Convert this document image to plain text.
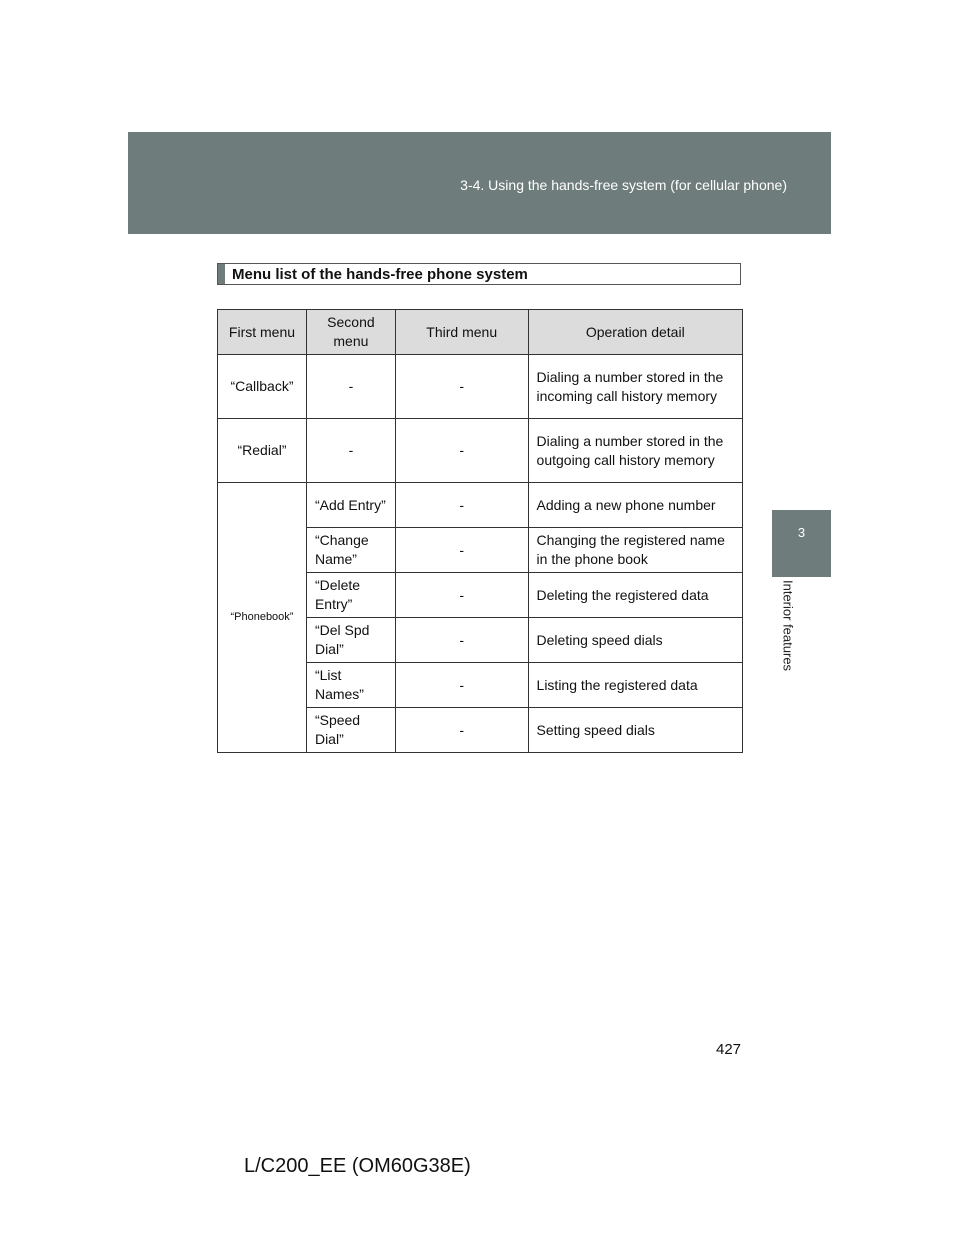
3-4. Using the hands-free system (for cellular phone)
3
Interior features
Menu list of the hands-free phone system
First menu	Second menu	Third menu	Operation detail
“Callback”	-	-	Dialing a number stored in the incoming call history memory
“Redial”	-	-	Dialing a number stored in the outgoing call history memory
“Phonebook”	“Add Entry”	-	Adding a new phone number
	“Change Name”	-	Changing the registered name in the phone book
	“Delete Entry”	-	Deleting the registered data
	“Del Spd Dial”	-	Deleting speed dials
	“List Names”	-	Listing the registered data
	“Speed Dial”	-	Setting speed dials
427
L/C200_EE (OM60G38E)
